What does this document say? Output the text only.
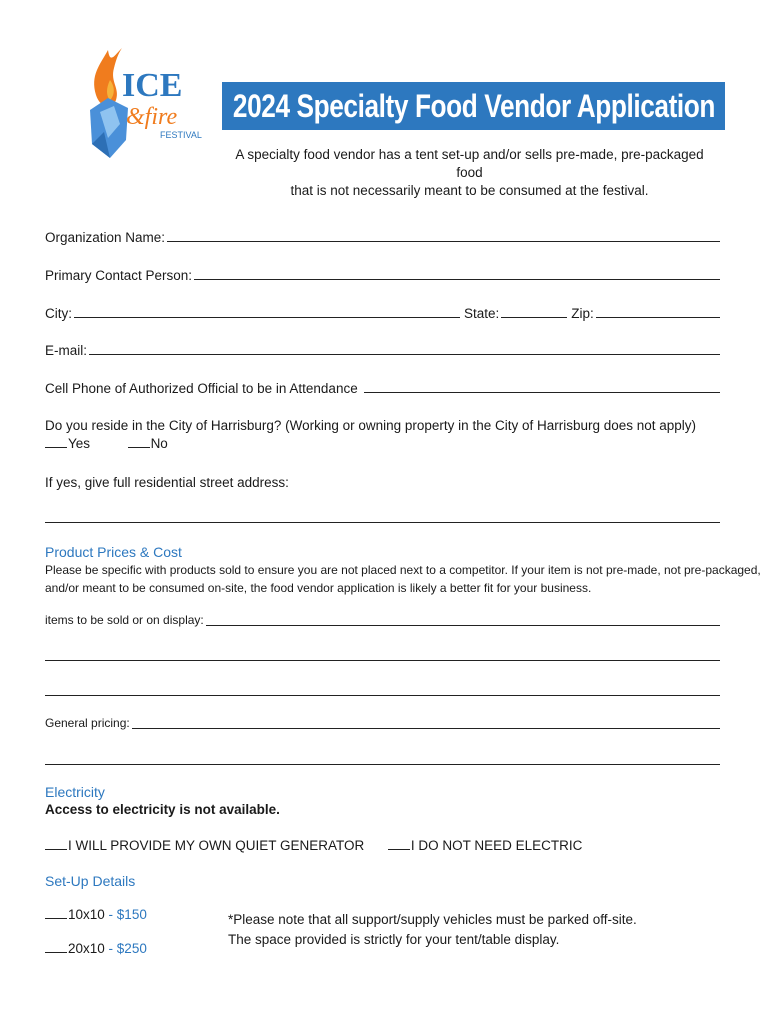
ICE
&fire
FESTIVAL
2024 Specialty Food Vendor Application
A specialty food vendor has a tent set-up and/or sells pre-made, pre-packaged food
that is not necessarily meant to be consumed at the festival.
Organization Name:
Primary Contact Person:
City:	State:	Zip:
E-mail:
Cell Phone of Authorized Official to be in Attendance
Do you reside in the City of Harrisburg? (Working or owning property in the City of Harrisburg does not apply)
Yes	No
If yes, give full residential street address:
Product Prices & Cost
Please be specific with products sold to ensure you are not placed next to a competitor. If your item is not pre-made, not pre-packaged,
and/or meant to be consumed on-site, the food vendor application is likely a better fit for your business.
items to be sold or on display:
General pricing:
Electricity
Access to electricity is not available.
I WILL PROVIDE MY OWN QUIET GENERATOR	I DO NOT NEED ELECTRIC
Set-Up Details
10x10 - $150
20x10 - $250
*Please note that all support/supply vehicles must be parked off-site.
The space provided is strictly for your tent/table display.
